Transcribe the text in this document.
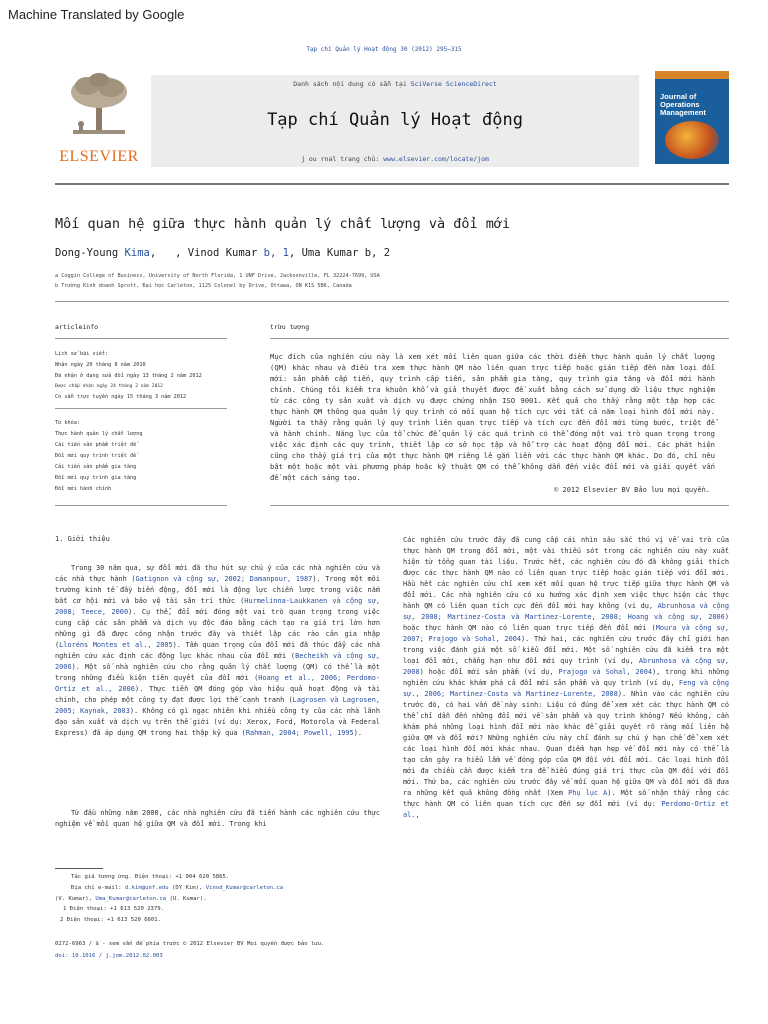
Machine Translated by Google
Tạp chí Quản lý Hoạt động 30 (2012) 295–315
ELSEVIER
Danh sách nội dung có sẵn tại SciVerse ScienceDirect
Tạp chí Quản lý Hoạt động
j ou rnal trang chủ: www.elsevier.com/locate/jom
Journal of Operations Management
Mối quan hệ giữa thực hành quản lý chất lượng và đổi mới
Dong-Young Kima,   , Vinod Kumar b, 1, Uma Kumar b, 2
a Coggin College of Business, University of North Florida, 1 UNF Drive, Jacksonville, FL 32224-7699, USA
b Trường Kinh doanh Sprott, Đại học Carleton, 1125 Colonel by Drive, Ottawa, ON K1S 5B6, Canada
articleinfo
Lịch sử bài viết:
Nhận ngày 20 tháng 8 năm 2010
Đã nhận ở dạng sửa đổi ngày 13 tháng 2 năm 2012
Được chấp nhận ngày 24 tháng 2 năm 2012
Có sẵn trực tuyến ngày 15 tháng 3 năm 2012
Từ khóa:
Thực hành quản lý chất lượng
Cải tiến sản phẩm triệt để
Đổi mới quy trình triệt để
Cải tiến sản phẩm gia tăng
Đổi mới quy trình gia tăng
Đổi mới hành chính
trừu tượng

Mục đích của nghiên cứu này là xem xét mối liên quan giữa các thời điểm thực hành quản lý chất lượng (QM) khác nhau và điều tra xem thực hành QM nào liên quan trực tiếp hoặc gián tiếp đến năm loại đổi mới: sản phẩm cấp tiến, quy trình cấp tiến, sản phẩm gia tăng, quy trình gia tăng và đổi mới hành chính. Chúng tôi kiểm tra khuôn khổ và giả thuyết được đề xuất bằng cách sử dụng dữ liệu thực nghiệm từ các công ty sản xuất và dịch vụ được chứng nhận ISO 9001. Kết quả cho thấy rằng một tập hợp các thực hành QM thông qua quản lý quy trình có mối quan hệ tích cực với tất cả năm loại hình đổi mới này. Người ta thấy rằng quản lý quy trình liên quan trực tiếp và tích cực đến đổi mới từng bước, triệt để và hành chính. Năng lực của tổ chức để quản lý các quá trình có thể đóng một vai trò quan trọng trong việc xác định các quy trình, thiết lập cơ sở học tập và hỗ trợ các hoạt động đổi mới. Các phát hiện cũng cho thấy giá trị của một thực hành QM riêng lẻ gắn liền với các thực hành QM khác. Do đó, chỉ nêu bật một hoặc một vài phương pháp hoặc kỹ thuật QM có thể không dẫn đến việc đổi mới và giải quyết vấn đề một cách sáng tạo.

© 2012 Elsevier BV Bảo lưu mọi quyền.
1. Giới thiệu

Trong 30 năm qua, sự đổi mới đã thu hút sự chú ý của các nhà nghiên cứu và các nhà thực hành (Gatignon và cộng sự, 2002; Damanpour, 1987). Trong một môi trường kinh tế đầy biến động, đổi mới là động lực chiến lược trong việc nắm bắt cơ hội mới và bảo vệ tài sản trí thức (Hurmelinna-Laukkanen và cộng sự, 2008; Teece, 2000). Cụ thể, đổi mới đóng một vai trò quan trọng trong việc cung cấp các sản phẩm và dịch vụ độc đáo bằng cách tạo ra giá trị lớn hơn những gì đã được công nhận trước đây và thiết lập các rào cản gia nhập (Lloréns Montes et al., 2005). Tầm quan trọng của đổi mới đã thúc đẩy các nhà nghiên cứu xác định các động lực khác nhau của đổi mới (Becheikh và cộng sự, 2006). Một số nhà nghiên cứu cho rằng quản lý chất lượng (QM) có thể là một trong những điều kiện tiên quyết của đổi mới (Hoang et al., 2006; Perdomo-Ortiz et al., 2006). Thực tiễn QM đóng góp vào hiệu quả hoạt động và tài chính, cho phép một công ty đạt được lợi thế cạnh tranh (Lagrosen và Lagrosen, 2005; Kaynak, 2003). Không có gì ngạc nhiên khi nhiều công ty của các nhà lãnh đạo sản xuất và dịch vụ trên thế giới (ví dụ: Xerox, Ford, Motorola và Federal Express) đã áp dụng QM trong hai thập kỷ qua (Rahman, 2004; Powell, 1995).

Từ đầu những năm 2000, các nhà nghiên cứu đã tiến hành các nghiên cứu thực nghiệm về mối quan hệ giữa QM và đổi mới. Trong khi

Các nghiên cứu trước đây đã cung cấp cái nhìn sâu sắc thú vị về vai trò của thực hành QM trong đổi mới, một vài thiếu sót trong các nghiên cứu này xuất hiện từ tổng quan tài liệu. Trước hết, các nghiên cứu đó đã không giải thích được các thực hành QM nào có liên quan trực tiếp hoặc gián tiếp với đổi mới. Hầu hết các nghiên cứu chỉ xem xét mối quan hệ trực tiếp giữa thực hành QM và đổi mới. Các nhà nghiên cứu có xu hướng xác định xem việc thực hiện các thực hành QM có liên quan tích cực đến đổi mới hay không (ví dụ, Abrunhosa và cộng sự, 2008; Martinez-Costa và Martinez-Lorente, 2008; Hoang và cộng sự, 2006) hoặc thực hành QM nào có liên quan trực tiếp đến đổi mới (Moura và cộng sự, 2007; Prajogo và Sohal, 2004). Thứ hai, các nghiên cứu trước đây chỉ giới hạn trong việc đánh giá một số kiểu đổi mới. Một số nghiên cứu đã kiểm tra một loại đổi mới, chẳng hạn như đổi mới quy trình (ví dụ, Abrunhosa và cộng sự, 2008) hoặc đổi mới sản phẩm (ví dụ, Prajogo và Sohal, 2004), trong khi những nghiên cứu khác khám phá cả đổi mới sản phẩm và quy trình (ví dụ, Feng và cộng sự., 2006; Martinez-Costa và Martinez-Lorente, 2008). Nhìn vào các nghiên cứu trước đó, có hai vấn đề này sinh: Liệu có đúng để xem xét các thực hành QM có thể chỉ dẫn đến những đổi mới về sản phẩm và quy trình không? Nếu không, cần khám phá những loại hình đổi mới nào khác để giải quyết rõ ràng mối liên hệ giữa QM và đổi mới? Những nghiên cứu này chỉ đánh sự chú ý hạn chế để xem xét các loại hình đổi mới khác nhau. Quan điểm hạn hẹp về đổi mới này có thể là tạo cản gây ra hiểu lầm về đóng góp của QM đối với đổi mới. Các loại hình đổi mới đa chiều cần được kiểm tra để hiểu đúng giá trị thực của QM đối với đổi mới. Thứ ba, các nghiên cứu trước đây về mối quan hệ giữa QM và đổi mới đã đưa ra những kết quả không đồng nhất (Xem Phụ lục A). Một số nhận thấy rằng các thực hành QM có liên quan tích cực đến sự đổi mới (ví dụ: Perdomo-Ortiz et al.,

Tác giả tương ứng. Điện thoại: +1 904 620 5865.
Địa chỉ e-mail: d.kim@unf.edu (DY Kim), Vinod_Kumar@carleton.ca
(V. Kumar), Uma_Kumar@carleton.ca (U. Kumar).
1 Điện thoại: +1 613 520 2379.
2 Điện thoại: +1 613 520 6601.
0272-6963 / $ - xem vấn đề phía trước © 2012 Elsevier BV Mọi quyền được bảo lưu.
doi: 10.1016 / j.jom.2012.02.003
